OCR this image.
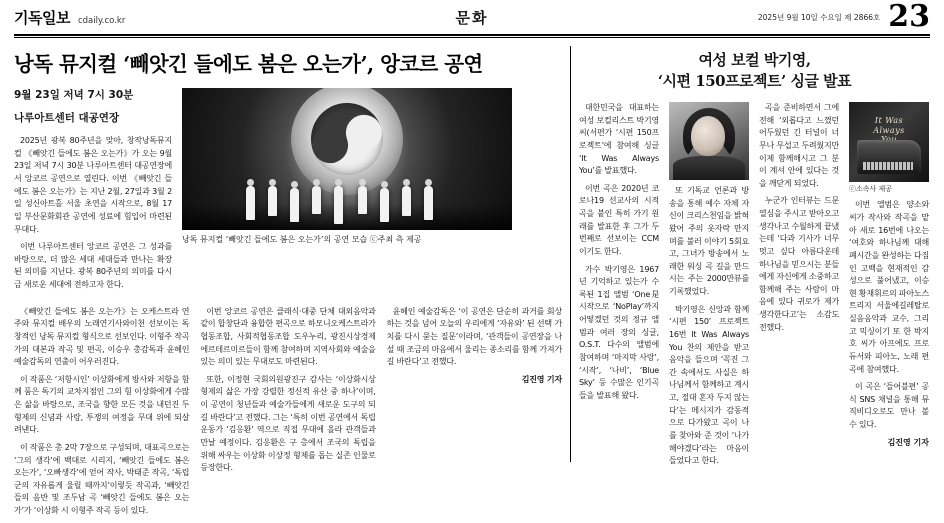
기독일보 cdaily.co.kr	문화	2025년 9월 10일 수요일 제 2866호 23
낭독 뮤지컬 ‘빼앗긴 들에도 봄은 오는가’, 앙코르 공연
9월 23일 저녁 7시 30분
나루아트센터 대공연장

2025년 광복 80주년을 맞아, 창작낭독뮤지컬 《빼앗긴 들에도 봄은 오는가》가 오는 9월 23일 저녁 7시 30분 나루아트센터 대공연장에서 앙코르 공연으로 열린다. 이번 《빼앗긴 들에도 봄은 오는가》는 지난 2월, 27일과 3월 2일 성신아트홀 서울 초연을 시작으로, 8월 17일 부산문화회관 공연에 성료에 힘입어 마련된 무대다.

이번 나루아트센터 앙코르 공연은 그 성과를 바탕으로, 더 많은 세대 세대들과 만나는 확장된 의미를 지닌다. 광복 80주년의 의미를 다시금 새로운 세대에 전하고자 한다.

낭독 뮤지컬 ‘빼앗긴 들에도 봄은 오는가’의 공연 모습 ⓒ주최 측 제공

《빼앗긴 들에도 봄은 오는가》는 오케스트라 연주와 뮤지컬 배우의 노래연기사와이천 선보이는 독창적인 낭독 뮤지컬 형식으로 선보인다. 이형주 작곡가의 대본과 작곡 및 편곡, 이승우 총감독과 윤혜인 예술감독의 연출이 어우러진다.

이 작품은 ‘저항시인’ 이상화에게 방사와 저항을 함께 품은 독기의 교차지점인 그의 힘 이상화에게 수많은 삶을 바탕으로, 조국을 향한 모든 것을 내던진 두 형제의 신념과 사랑, 투쟁의 여정을 무대 위에 되살려낸다.

이 작품은 총 2막 7장으로 구성되며, 대표곡으로는 ‘그의 생각’에 백대로 시리지, ‘빼앗긴 들에도 봄은 오는가’, ‘오빠생각’에 얻어 작사, 박태준 작곡, ‘독립군의 자유롭게 울릴 때까지’이렇듯 작곡과, ‘빼앗긴들의 음반 및 조두남 곡 ‘빼앗긴 들에도 봄은 오는가’가 ‘이상화 시 이형주 작곡 등이 있다.

이번 앙코르 공연은 클래식·대중 단체 대외음악과 같이 합창단과 융합한 편곡으로 하모니오케스트라가 협동조합, 사회적협동조합 도우누리, 광진시상경제에르테르미르들이 함께 참여하며 지역사회와 예술을 있는 의미 있는 무대로도 마련된다.

또한, 이정현 국회의원광진구 감사는 ‘이상화시상 형제의 삶은 가장 강렬한 정신적 유산 중 하나’이며, 이 공연이 청년들과 예술가들에게 새로운 도구의 되길 바란다’고 전했다. 그는 ‘특히 이번 공연에서 독립운동가 ‘김응환’ 역으로 직접 무대에 올라 관객들과 만날 예정이다. 김응환은 구 층에서 조국의 독립을 위해 싸우는 이상화 이상정 형제를 돕는 실존 인물로 등장한다.

윤혜인 예술감독은 ‘이 공연은 단순히 과거를 회상하는 것을 넘어 오늘의 우리에게 ‘자유와’ 된 선택 가치를 다시 묻는 질문’이라며, ‘관객들이 공연장을 나설 때 조금의 마음에서 울리는 종소리를 함께 가져가길 바란다’고 전했다.

김진영 기자
여성 보컬 박기영,
‘시편 150프로젝트’ 싱글 발표

대한민국을 대표하는 여성 보컬리스트 박기영 씨(서편가 ‘시편 150프로젝트’에 참여해 싱글 ‘It Was Always You’를 발표했다.

이번 곡은 2020년 코로나19 선교사의 시적 곡을 붙인 특히 가기 원래를 발표한 후 그가 두 번째로 선보이는 CCM이기도 한다.

가수 박기영은 1967년 기억하고 있는가 수록된 1집 앨범 ‘One是 시작으로 ‘NoPlay’까지 어떻겠던 것의 정규 앨범과 여러 장의 싱글, O.S.T. 다수의 앨범에 참여하며 ‘마지막 사랑’, ‘시작’, ‘나비’, ‘Blue Sky’ 등 수많은 인기곡들을 발표해 왔다.

또 기독교 언론과 방송을 통해 예수 자체 자신이 크리스천임을 밝혀왔어 주의 옷자락 만지며를 불러 이야기 5회요고, 그녀가 방송에서 노래한 워싱 곡 길을 만드시는 주는 2000만뷰를 기록했었다.

박기영은 신앙과 함께 ‘시편 150’ 프로젝트 16번 It Was Always You 찬의 제안을 받고 음악을 들으며 ‘꼭진 그간 속에서도 사실은 하나님께서 함께하고 계시고, 절대 혼자 두지 않는다’는 메시지가 감동적으로 다가왔고 곡이 나를 찾아와 준 것이 ‘나가 해야겠다’라는 마음이 들었다고 한다.

곡을 준비하면서 그에 전해 ‘외롭다고 느꼈던 어두웠던 긴 터널이 너무나 무섭고 두려웠지만 이제 함께해시고 그 분이 계셔 안에 있다는 것을 깨닫게 되었다.

누군가 인터뷰는 드문 열심을 주시고 받아오고 생각나고 수월하게 끝냈는데 ‘다과 기사가 너무 멋고 싶다 아름다운데 하나님을 믿으시는 분들에게 자신에게 소중하고 함께해 주는 사람이 마음에 있다 귀로가 제가 생각한다고’는 소감도 전했다.

It Was
Always

ⓒ소속사 제공

이번 앨범은 양소와 씨가 작사와 작곡을 맡아 새로 16번에 나오는 ‘여호와 하나님께 대해 폐시간을 완성하는 다짐인 고백을 현재적인 감성으로 풀어냈고, 이승현 황재휘르의 파아노스트리지 서울에길레탈로 실음음악과 교수, 그리고 믹싱이기 또 한 박지호 씨가 아프에도 프로듀서와 피아노, 노래 편곡에 참여했다.

이 곡은 ‘들어블편’ 공식 SNS 채널을 통해 뮤직비디오로도 만나 볼 수 있다.

김진영 기자
